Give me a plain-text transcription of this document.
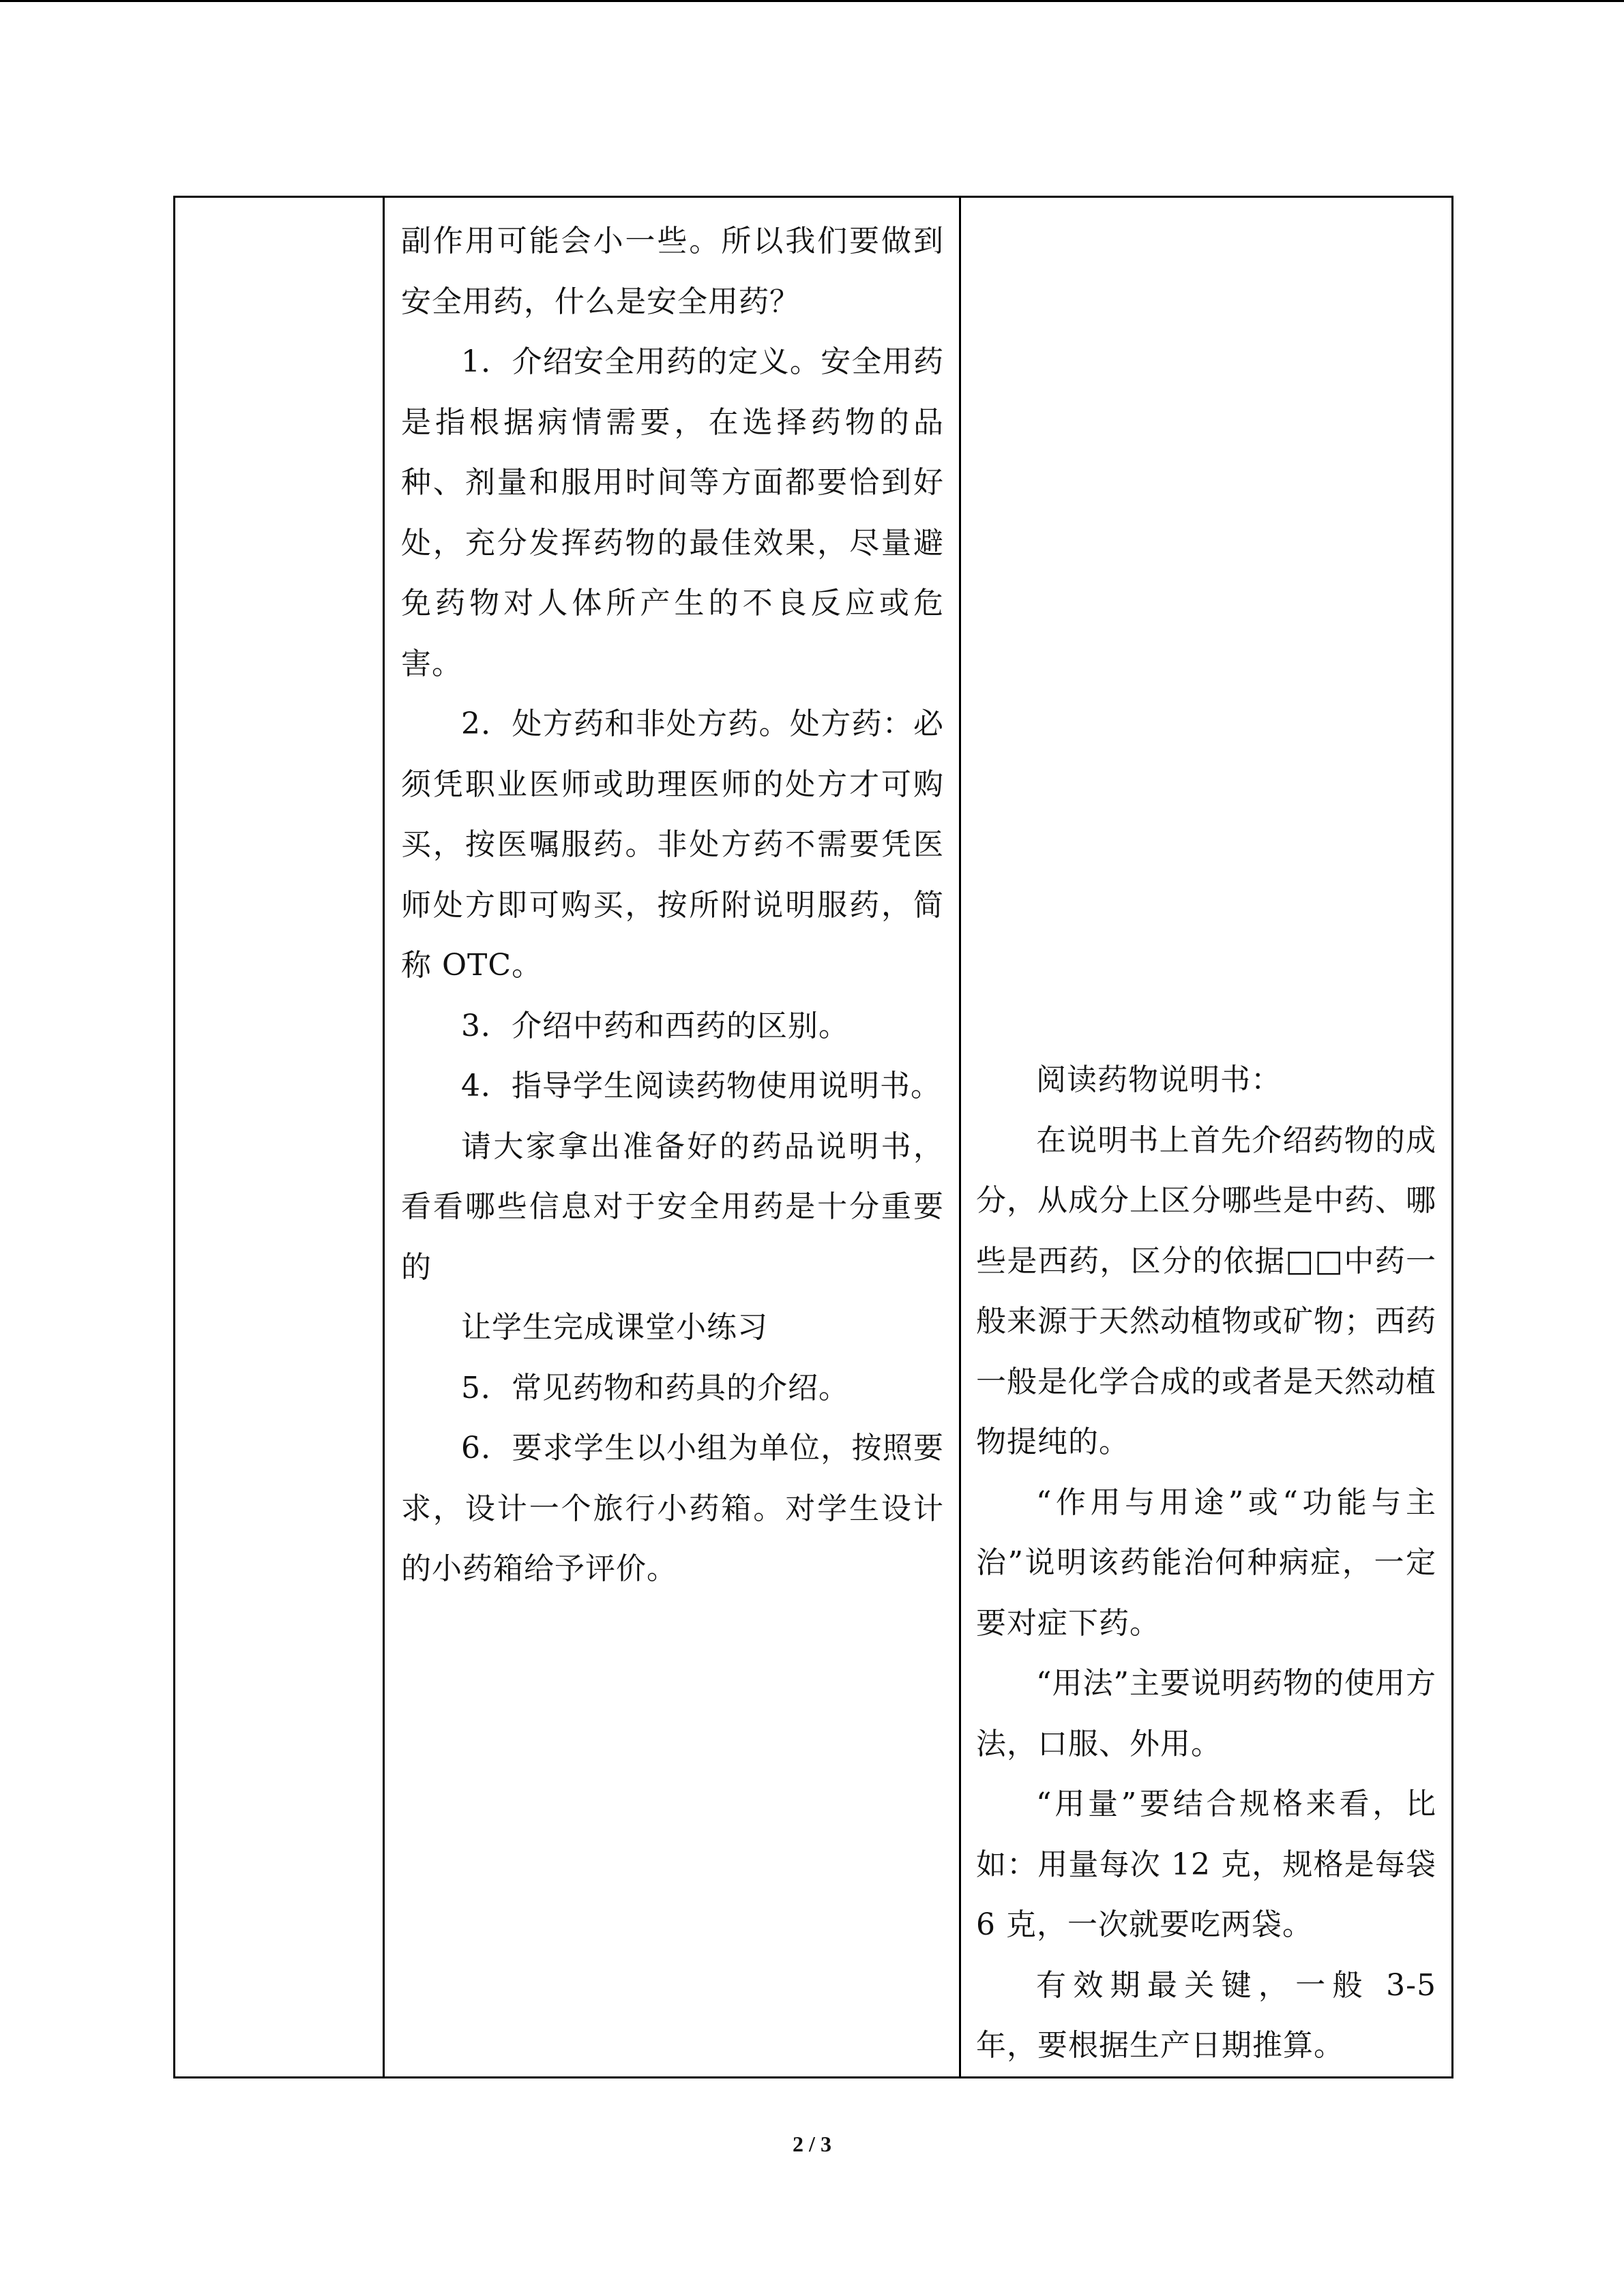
副作用可能会小一些。所以我们要做到安全用药，什么是安全用药？

1．介绍安全用药的定义。安全用药是指根据病情需要，在选择药物的品种、剂量和服用时间等方面都要恰到好处，充分发挥药物的最佳效果，尽量避免药物对人体所产生的不良反应或危害。

2．处方药和非处方药。处方药：必须凭职业医师或助理医师的处方才可购买，按医嘱服药。非处方药不需要凭医师处方即可购买，按所附说明服药，简称 OTC。

3．介绍中药和西药的区别。

4．指导学生阅读药物使用说明书。

请大家拿出准备好的药品说明书，看看哪些信息对于安全用药是十分重要的

让学生完成课堂小练习

5．常见药物和药具的介绍。

6．要求学生以小组为单位，按照要求，设计一个旅行小药箱。对学生设计的小药箱给予评价。

阅读药物说明书：

在说明书上首先介绍药物的成分，从成分上区分哪些是中药、哪些是西药，区分的依据□□中药一般来源于天然动植物或矿物；西药一般是化学合成的或者是天然动植物提纯的。

“作用与用途”或“功能与主治”说明该药能治何种病症，一定要对症下药。

“用法”主要说明药物的使用方法，口服、外用。

“用量”要结合规格来看，比如：用量每次 12 克，规格是每袋 6 克，一次就要吃两袋。

有效期最关键，一般 3-5 年，要根据生产日期推算。

2 / 3
